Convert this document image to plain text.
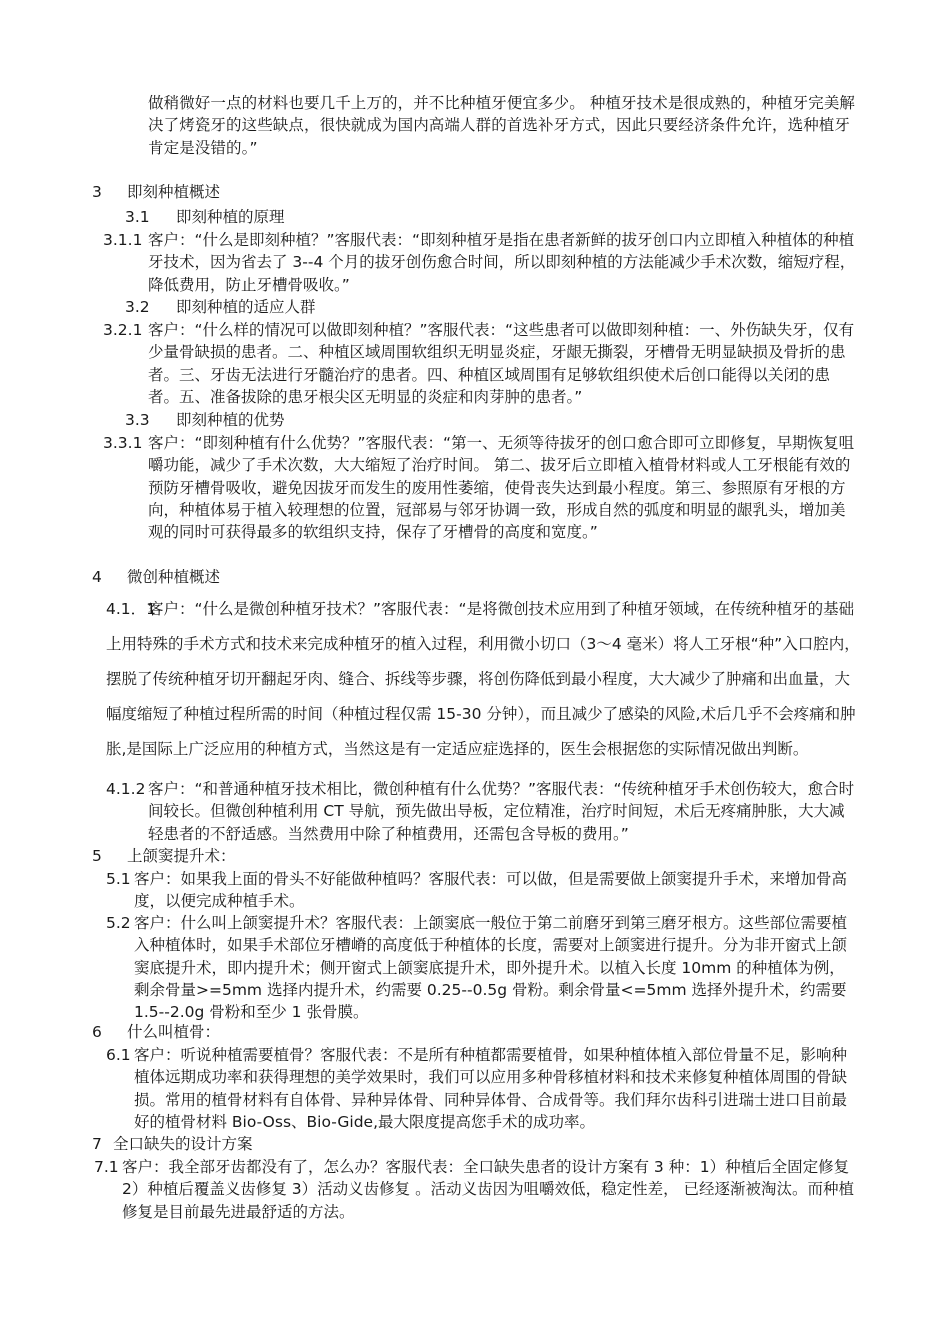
做稍微好一点的材料也要几千上万的，并不比种植牙便宜多少。 种植牙技术是很成熟的，种植牙完美解决了烤瓷牙的这些缺点，很快就成为国内高端人群的首选补牙方式，因此只要经济条件允许，选种植牙肯定是没错的。”

3 即刻种植概述
3.1 即刻种植的原理
3.1.1 客户：“什么是即刻种植？”客服代表：“即刻种植牙是指在患者新鲜的拔牙创口内立即植入种植体的种植牙技术，因为省去了 3--4 个月的拔牙创伤愈合时间，所以即刻种植的方法能减少手术次数，缩短疗程，降低费用，防止牙槽骨吸收。”
3.2 即刻种植的适应人群
3.2.1 客户：“什么样的情况可以做即刻种植？”客服代表：“这些患者可以做即刻种植：一、外伤缺失牙，仅有少量骨缺损的患者。二、种植区域周围软组织无明显炎症，牙龈无撕裂，牙槽骨无明显缺损及骨折的患者。三、牙齿无法进行牙髓治疗的患者。四、种植区域周围有足够软组织使术后创口能得以关闭的患者。五、准备拔除的患牙根尖区无明显的炎症和肉芽肿的患者。”
3.3 即刻种植的优势
3.3.1 客户：“即刻种植有什么优势？”客服代表：“第一、无须等待拔牙的创口愈合即可立即修复，早期恢复咀嚼功能，减少了手术次数，大大缩短了治疗时间。 第二、拔牙后立即植入植骨材料或人工牙根能有效的预防牙槽骨吸收，避免因拔牙而发生的废用性萎缩，使骨丧失达到最小程度。第三、参照原有牙根的方向，种植体易于植入较理想的位置，冠部易与邻牙协调一致，形成自然的弧度和明显的龈乳头，增加美观的同时可获得最多的软组织支持，保存了牙槽骨的高度和宽度。”
4 微创种植概述
4.1．1
客户：“什么是微创种植牙技术？”客服代表：“是将微创技术应用到了种植牙领域，在传统种植牙的基础上用特殊的手术方式和技术来完成种植牙的植入过程，利用微小切口（3～4 毫米）将人工牙根“种”入口腔内，摆脱了传统种植牙切开翻起牙肉、缝合、拆线等步骤，将创伤降低到最小程度，大大减少了肿痛和出血量，大幅度缩短了种植过程所需的时间（种植过程仅需 15-30 分钟），而且减少了感染的风险,术后几乎不会疼痛和肿胀,是国际上广泛应用的种植方式，当然这是有一定适应症选择的，医生会根据您的实际情况做出判断。
4.1.2 客户：“和普通种植牙技术相比，微创种植有什么优势？”客服代表：“传统种植牙手术创伤较大，愈合时间较长。但微创种植利用 CT 导航，预先做出导板，定位精准，治疗时间短，术后无疼痛肿胀，大大减轻患者的不舒适感。当然费用中除了种植费用，还需包含导板的费用。”
5 上颌窦提升术：
5.1 客户：如果我上面的骨头不好能做种植吗？客服代表：可以做，但是需要做上颌窦提升手术，来增加骨高度，以便完成种植手术。
5.2 客户：什么叫上颌窦提升术？客服代表：上颌窦底一般位于第二前磨牙到第三磨牙根方。这些部位需要植入种植体时，如果手术部位牙槽嵴的高度低于种植体的长度，需要对上颌窦进行提升。分为非开窗式上颌窦底提升术，即内提升术；侧开窗式上颌窦底提升术，即外提升术。以植入长度 10mm 的种植体为例，剩余骨量>=5mm 选择内提升术，约需要 0.25--0.5g 骨粉。剩余骨量<=5mm 选择外提升术，约需要 1.5--2.0g 骨粉和至少 1 张骨膜。
6 什么叫植骨：
6.1 客户：听说种植需要植骨？客服代表：不是所有种植都需要植骨，如果种植体植入部位骨量不足，影响种植体远期成功率和获得理想的美学效果时，我们可以应用多种骨移植材料和技术来修复种植体周围的骨缺损。常用的植骨材料有自体骨、异种异体骨、同种异体骨、合成骨等。我们拜尔齿科引进瑞士进口目前最好的植骨材料 Bio-Oss、Bio-Gide,最大限度提高您手术的成功率。
7 全口缺失的设计方案
7.1 客户：我全部牙齿都没有了，怎么办？客服代表：全口缺失患者的设计方案有 3 种：1）种植后全固定修复 2）种植后覆盖义齿修复 3）活动义齿修复 。活动义齿因为咀嚼效低，稳定性差， 已经逐渐被淘汰。而种植修复是目前最先进最舒适的方法。
